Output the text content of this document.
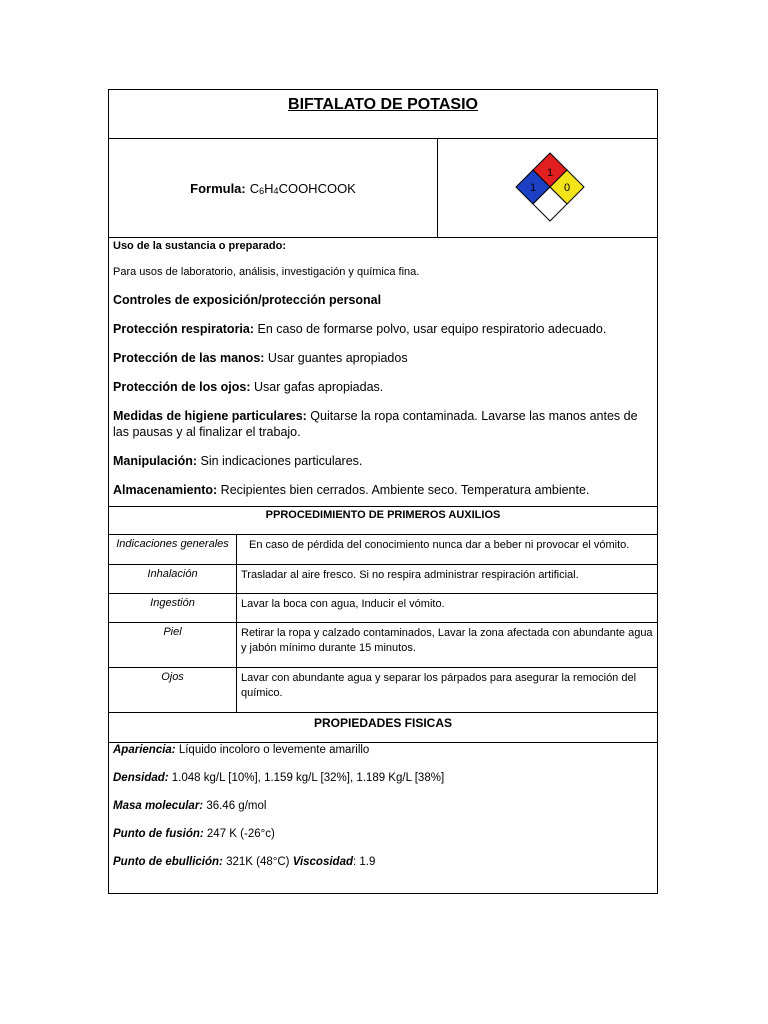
BIFTALATO DE POTASIO
Formula: $C_6H_4COOHCOOK$
1
1	0
Uso de la sustancia o preparado:
Para usos de laboratorio, análisis, investigación y química fina.

Controles de exposición/protección personal

Protección respiratoria: En caso de formarse polvo, usar equipo respiratorio adecuado.

Protección de las manos: Usar guantes apropiados

Protección de los ojos: Usar gafas apropiadas.

Medidas de higiene particulares: Quitarse la ropa contaminada. Lavarse las manos antes de las pausas y al finalizar el trabajo.

Manipulación: Sin indicaciones particulares.

Almacenamiento: Recipientes bien cerrados. Ambiente seco. Temperatura ambiente.

PPROCEDIMIENTO DE PRIMEROS AUXILIOS
Indicaciones generales	En caso de pérdida del conocimiento nunca dar a beber ni provocar el vómito.
Inhalación	Trasladar al aire fresco. Si no respira administrar respiración artificial.
Ingestión	Lavar la boca con agua, Inducir el vómito.
Piel	Retirar la ropa y calzado contaminados, Lavar la zona afectada con abundante agua y jabón mínimo durante 15 minutos.
Ojos	Lavar con abundante agua y separar los párpados para asegurar la remoción del químico.
PROPIEDADES FISICAS

Apariencia: Líquido incoloro o levemente amarillo

Densidad: 1.048 kg/L [10%], 1.159 kg/L [32%], 1.189 Kg/L [38%]

Masa molecular: 36.46 g/mol

Punto de fusión: 247 K (-26°c)

Punto de ebullición: 321K (48°C) Viscosidad: 1.9
